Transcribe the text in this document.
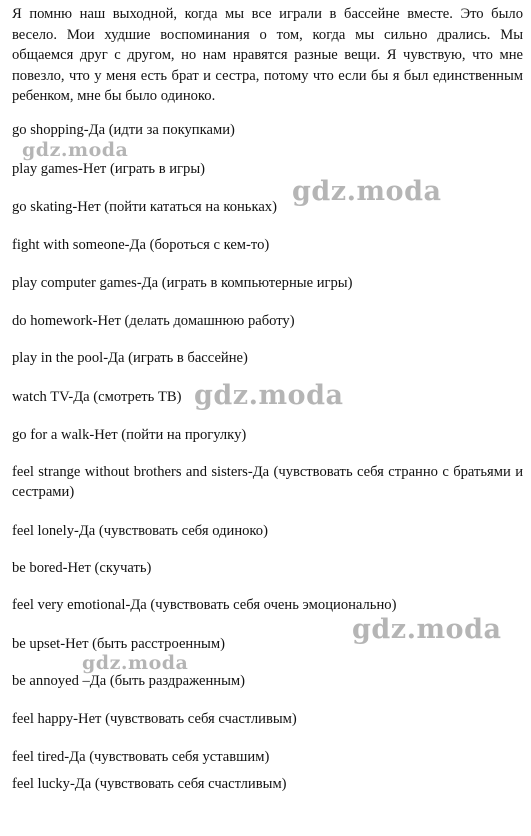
Я помню наш выходной, когда мы все играли в бассейне вместе. Это было весело. Мои худшие воспоминания о том, когда мы сильно дрались. Мы общаемся друг с другом, но нам нравятся разные вещи. Я чувствую, что мне повезло, что у меня есть брат и сестра, потому что если бы я был единственным ребенком, мне бы было одиноко.

go shopping-Да (идти за покупками)

play games-Нет (играть в игры)

go skating-Нет (пойти кататься на коньках)

fight with someone-Да (бороться с кем-то)

play computer games-Да (играть в компьютерные игры)

do homework-Нет (делать домашнюю работу)

play in the pool-Да (играть в бассейне)

watch TV-Да (смотреть ТВ)

go for a walk-Нет (пойти на прогулку)

feel strange without brothers and sisters-Да (чувствовать себя странно с братьями и сестрами)

feel lonely-Да (чувствовать себя одиноко)

be bored-Нет (скучать)

feel very emotional-Да (чувствовать себя очень эмоционально)

be upset-Нет (быть расстроенным)

be annoyed –Да (быть раздраженным)

feel happy-Нет (чувствовать себя счастливым)

feel tired-Да (чувствовать себя уставшим)

feel lucky-Да (чувствовать себя счастливым)

gdz.moda
gdz.moda
gdz.moda
gdz.moda
gdz.moda
